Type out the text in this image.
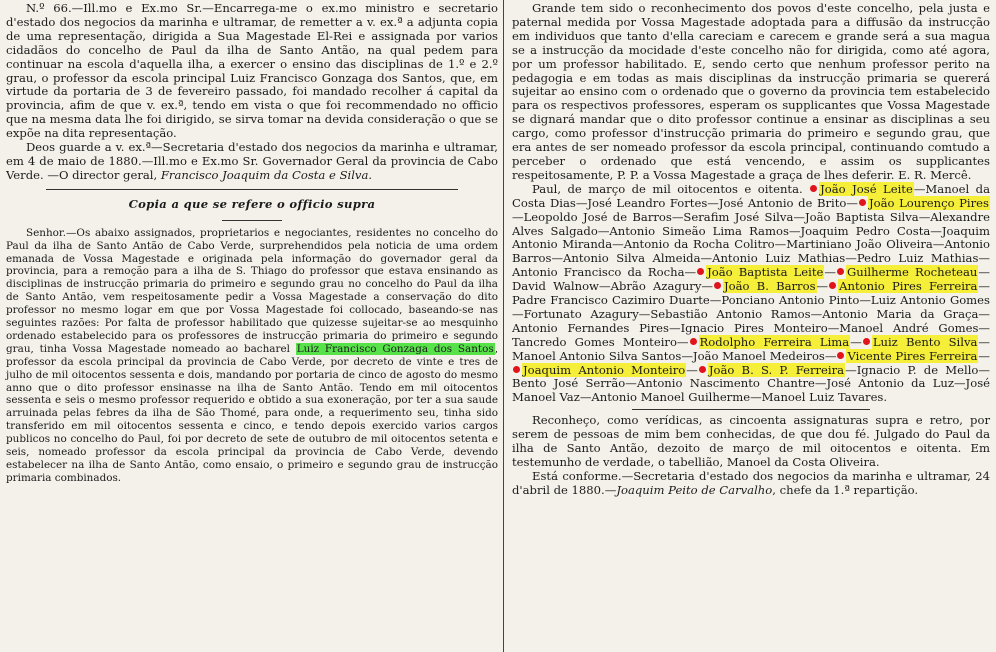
N.º 66.—Ill.mo e Ex.mo Sr.—Encarrega-me o ex.mo ministro e secretario d'estado dos negocios da marinha e ultramar, de remetter a v. ex.ª a adjunta copia de uma representação, dirigida a Sua Magestade El-Rei e assignada por varios cidadãos do concelho de Paul da ilha de Santo Antão, na qual pedem para continuar na escola d'aquella ilha, a exercer o ensino das disciplinas de 1.º e 2.º grau, o professor da escola principal Luiz Francisco Gonzaga dos Santos, que, em virtude da portaria de 3 de fevereiro passado, foi mandado recolher á capital da provincia, afim de que v. ex.ª, tendo em vista o que foi recommendado no officio que na mesma data lhe foi dirigido, se sirva tomar na devida consideração o que se expõe na dita representação.

Deos guarde a v. ex.ª—Secretaria d'estado dos negocios da marinha e ultramar, em 4 de maio de 1880.—Ill.mo e Ex.mo Sr. Governador Geral da provincia de Cabo Verde. —O director geral, Francisco Joaquim da Costa e Silva.

Copia a que se refere o officio supra

Senhor.—Os abaixo assignados, proprietarios e negociantes, residentes no concelho do Paul da ilha de Santo Antão de Cabo Verde, surprehendidos pela noticia de uma ordem emanada de Vossa Magestade e originada pela informação do governador geral da provincia, para a remoção para a ilha de S. Thiago do professor que estava ensinando as disciplinas de instrucção primaria do primeiro e segundo grau no concelho do Paul da ilha de Santo Antão, vem respeitosamente pedir a Vossa Magestade a conservação do dito professor no mesmo logar em que por Vossa Magestade foi collocado, baseando-se nas seguintes razões: Por falta de professor habilitado que quizesse sujeitar-se ao mesquinho ordenado estabelecido para os professores de instrucção primaria do primeiro e segundo grau, tinha Vossa Magestade nomeado ao bacharel Luiz Francisco Gonzaga dos Santos, professor da escola principal da provincia de Cabo Verde, por decreto de vinte e tres de julho de mil oitocentos sessenta e dois, mandando por portaria de cinco de agosto do mesmo anno que o dito professor ensinasse na ilha de Santo Antão. Tendo em mil oitocentos sessenta e seis o mesmo professor requerido e obtido a sua exoneração, por ter a sua saude arruinada pelas febres da ilha de São Thomé, para onde, a requerimento seu, tinha sido transferido em mil oitocentos sessenta e cinco, e tendo depois exercido varios cargos publicos no concelho do Paul, foi por decreto de sete de outubro de mil oitocentos setenta e seis, nomeado professor da escola principal da provincia de Cabo Verde, devendo estabelecer na ilha de Santo Antão, como ensaio, o primeiro e segundo grau de instrucção primaria combinados.

Grande tem sido o reconhecimento dos povos d'este concelho, pela justa e paternal medida por Vossa Magestade adoptada para a diffusão da instrucção em individuos que tanto d'ella careciam e carecem e grande será a sua magua se a instrucção da mocidade d'este concelho não for dirigida, como até agora, por um professor habilitado. E, sendo certo que nenhum professor perito na pedagogia e em todas as mais disciplinas da instrucção primaria se quererá sujeitar ao ensino com o ordenado que o governo da provincia tem estabelecido para os respectivos professores, esperam os supplicantes que Vossa Magestade se dignará mandar que o dito professor continue a ensinar as disciplinas a seu cargo, como professor d'instrucção primaria do primeiro e segundo grau, que era antes de ser nomeado professor da escola principal, continuando comtudo a perceber o ordenado que está vencendo, e assim os supplicantes respeitosamente, P. P. a Vossa Magestade a graça de lhes deferir. E. R. Mercê.

Paul, de março de mil oitocentos e oitenta. João José Leite—Manoel da Costa Dias—José Leandro Fortes—José Antonio de Brito— João Lourenço Pires—Leopoldo José de Barros—Serafim José Silva—João Baptista Silva—Alexandre Alves Salgado—Antonio Simeão Lima Ramos—Joaquim Pedro Costa—Joaquim Antonio Miranda—Antonio da Rocha Colitro—Martiniano João Oliveira—Antonio Barros—Antonio Silva Almeida—Antonio Luiz Mathias—Pedro Luiz Mathias—Antonio Francisco da Rocha— João Baptista Leite— Guilherme Rocheteau—David Walnow—Abrão Azagury— João B. Barros— Antonio Pires Ferreira—Padre Francisco Cazimiro Duarte—Ponciano Antonio Pinto—Luiz Antonio Gomes—Fortunato Azagury—Sebastião Antonio Ramos—Antonio Maria da Graça—Antonio Fernandes Pires—Ignacio Pires Monteiro—Manoel André Gomes—Tancredo Gomes Monteiro— Rodolpho Ferreira Lima— Luiz Bento Silva—Manoel Antonio Silva Santos—João Manoel Medeiros— Vicente Pires Ferreira—Joaquim Antonio Monteiro— João B. S. P. Ferreira—Ignacio P. de Mello—Bento José Serrão—Antonio Nascimento Chantre—José Antonio da Luz—José Manoel Vaz—Antonio Manoel Guilherme—Manoel Luiz Tavares.

Reconheço, como verídicas, as cincoenta assignaturas supra e retro, por serem de pessoas de mim bem conhecidas, de que dou fé. Julgado do Paul da ilha de Santo Antão, dezoito de março de mil oitocentos e oitenta. Em testemunho de verdade, o tabellião, Manoel da Costa Oliveira.

Está conforme.—Secretaria d'estado dos negocios da marinha e ultramar, 24 d'abril de 1880.—Joaquim Peito de Carvalho, chefe da 1.ª repartição.
